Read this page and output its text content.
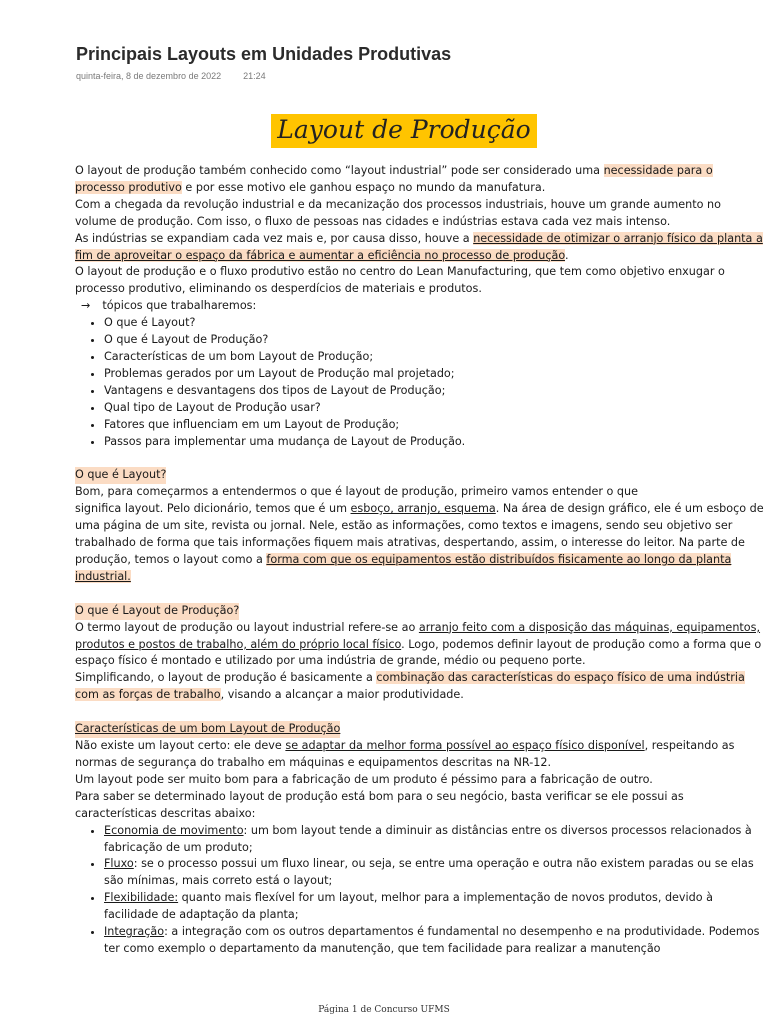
Principais Layouts em Unidades Produtivas
quinta-feira, 8 de dezembro de 2022 21:24
Layout de Produção

O layout de produção também conhecido como “layout industrial” pode ser considerado uma necessidade para o processo produtivo e por esse motivo ele ganhou espaço no mundo da manufatura.

Com a chegada da revolução industrial e da mecanização dos processos industriais, houve um grande aumento no volume de produção. Com isso, o fluxo de pessoas nas cidades e indústrias estava cada vez mais intenso.

As indústrias se expandiam cada vez mais e, por causa disso, houve a necessidade de otimizar o arranjo físico da planta a fim de aproveitar o espaço da fábrica e aumentar a eficiência no processo de produção.

O layout de produção e o fluxo produtivo estão no centro do Lean Manufacturing, que tem como objetivo enxugar o processo produtivo, eliminando os desperdícios de materiais e produtos.

→ tópicos que trabalharemos:

• O que é Layout?
• O que é Layout de Produção?
• Características de um bom Layout de Produção;
• Problemas gerados por um Layout de Produção mal projetado;
• Vantagens e desvantagens dos tipos de Layout de Produção;
• Qual tipo de Layout de Produção usar?
• Fatores que influenciam em um Layout de Produção;
• Passos para implementar uma mudança de Layout de Produção.

O que é Layout?

Bom, para começarmos a entendermos o que é layout de produção, primeiro vamos entender o que

significa layout. Pelo dicionário, temos que é um esboço, arranjo, esquema. Na área de design gráfico, ele é um esboço de uma página de um site, revista ou jornal. Nele, estão as informações, como textos e imagens, sendo seu objetivo ser trabalhado de forma que tais informações fiquem mais atrativas, despertando, assim, o interesse do leitor. Na parte de produção, temos o layout como a forma com que os equipamentos estão distribuídos fisicamente ao longo da planta industrial.

O que é Layout de Produção?

O termo layout de produção ou layout industrial refere-se ao arranjo feito com a disposição das máquinas, equipamentos, produtos e postos de trabalho, além do próprio local físico. Logo, podemos definir layout de produção como a forma que o espaço físico é montado e utilizado por uma indústria de grande, médio ou pequeno porte.

Simplificando, o layout de produção é basicamente a combinação das características do espaço físico de uma indústria com as forças de trabalho, visando a alcançar a maior produtividade.

Características de um bom Layout de Produção

Não existe um layout certo: ele deve se adaptar da melhor forma possível ao espaço físico disponível, respeitando as normas de segurança do trabalho em máquinas e equipamentos descritas na NR-12.

Um layout pode ser muito bom para a fabricação de um produto é péssimo para a fabricação de outro.

Para saber se determinado layout de produção está bom para o seu negócio, basta verificar se ele possui as características descritas abaixo:

• Economia de movimento: um bom layout tende a diminuir as distâncias entre os diversos processos relacionados à fabricação de um produto;
• Fluxo: se o processo possui um fluxo linear, ou seja, se entre uma operação e outra não existem paradas ou se elas são mínimas, mais correto está o layout;
• Flexibilidade: quanto mais flexível for um layout, melhor para a implementação de novos produtos, devido à facilidade de adaptação da planta;
• Integração: a integração com os outros departamentos é fundamental no desempenho e na produtividade. Podemos ter como exemplo o departamento da manutenção, que tem facilidade para realizar a manutenção
Página 1 de Concurso UFMS
